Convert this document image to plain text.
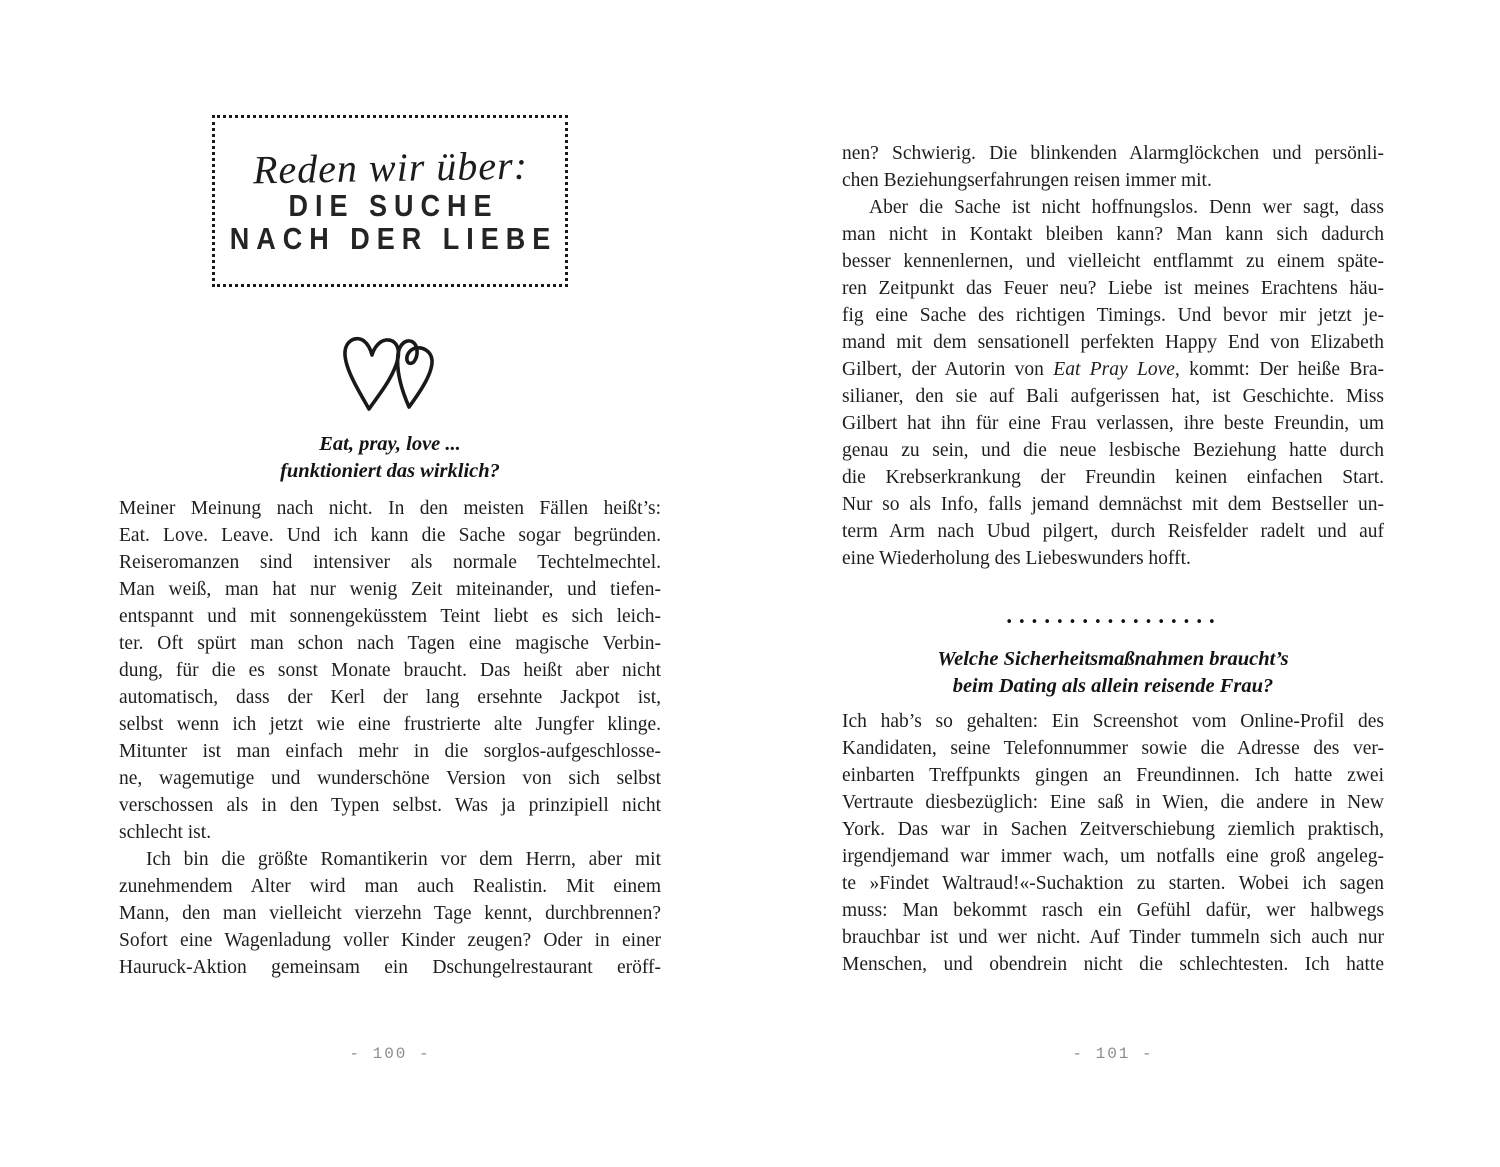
Reden wir über:
DIE SUCHE
NACH DER LIEBE
Eat, pray, love ...
funktioniert das wirklich?
Meiner Meinung nach nicht. In den meisten Fällen heißt’s:
Eat. Love. Leave. Und ich kann die Sache sogar begründen.
Reiseromanzen sind intensiver als normale Techtelmechtel.
Man weiß, man hat nur wenig Zeit miteinander, und tiefen-
entspannt und mit sonnengeküsstem Teint liebt es sich leich-
ter. Oft spürt man schon nach Tagen eine magische Verbin-
dung, für die es sonst Monate braucht. Das heißt aber nicht
automatisch, dass der Kerl der lang ersehnte Jackpot ist,
selbst wenn ich jetzt wie eine frustrierte alte Jungfer klinge.
Mitunter ist man einfach mehr in die sorglos-aufgeschlosse-
ne, wagemutige und wunderschöne Version von sich selbst
verschossen als in den Typen selbst. Was ja prinzipiell nicht
schlecht ist.
Ich bin die größte Romantikerin vor dem Herrn, aber mit
zunehmendem Alter wird man auch Realistin. Mit einem
Mann, den man vielleicht vierzehn Tage kennt, durchbrennen?
Sofort eine Wagenladung voller Kinder zeugen? Oder in einer
Hauruck-Aktion gemeinsam ein Dschungelrestaurant eröff-
- 100 -
nen? Schwierig. Die blinkenden Alarmglöckchen und persönli-
chen Beziehungserfahrungen reisen immer mit.
Aber die Sache ist nicht hoffnungslos. Denn wer sagt, dass
man nicht in Kontakt bleiben kann? Man kann sich dadurch
besser kennenlernen, und vielleicht entflammt zu einem späte-
ren Zeitpunkt das Feuer neu? Liebe ist meines Erachtens häu-
fig eine Sache des richtigen Timings. Und bevor mir jetzt je-
mand mit dem sensationell perfekten Happy End von Elizabeth
Gilbert, der Autorin von Eat Pray Love, kommt: Der heiße Bra-
silianer, den sie auf Bali aufgerissen hat, ist Geschichte. Miss
Gilbert hat ihn für eine Frau verlassen, ihre beste Freundin, um
genau zu sein, und die neue lesbische Beziehung hatte durch
die Krebserkrankung der Freundin keinen einfachen Start.
Nur so als Info, falls jemand demnächst mit dem Bestseller un-
term Arm nach Ubud pilgert, durch Reisfelder radelt und auf
eine Wiederholung des Liebeswunders hofft.
•••••••••••••••••
Welche Sicherheitsmaßnahmen braucht’s
beim Dating als allein reisende Frau?
Ich hab’s so gehalten: Ein Screenshot vom Online-Profil des
Kandidaten, seine Telefonnummer sowie die Adresse des ver-
einbarten Treffpunkts gingen an Freundinnen. Ich hatte zwei
Vertraute diesbezüglich: Eine saß in Wien, die andere in New
York. Das war in Sachen Zeitverschiebung ziemlich praktisch,
irgendjemand war immer wach, um notfalls eine groß angeleg-
te »Findet Waltraud!«-Suchaktion zu starten. Wobei ich sagen
muss: Man bekommt rasch ein Gefühl dafür, wer halbwegs
brauchbar ist und wer nicht. Auf Tinder tummeln sich auch nur
Menschen, und obendrein nicht die schlechtesten. Ich hatte
- 101 -
